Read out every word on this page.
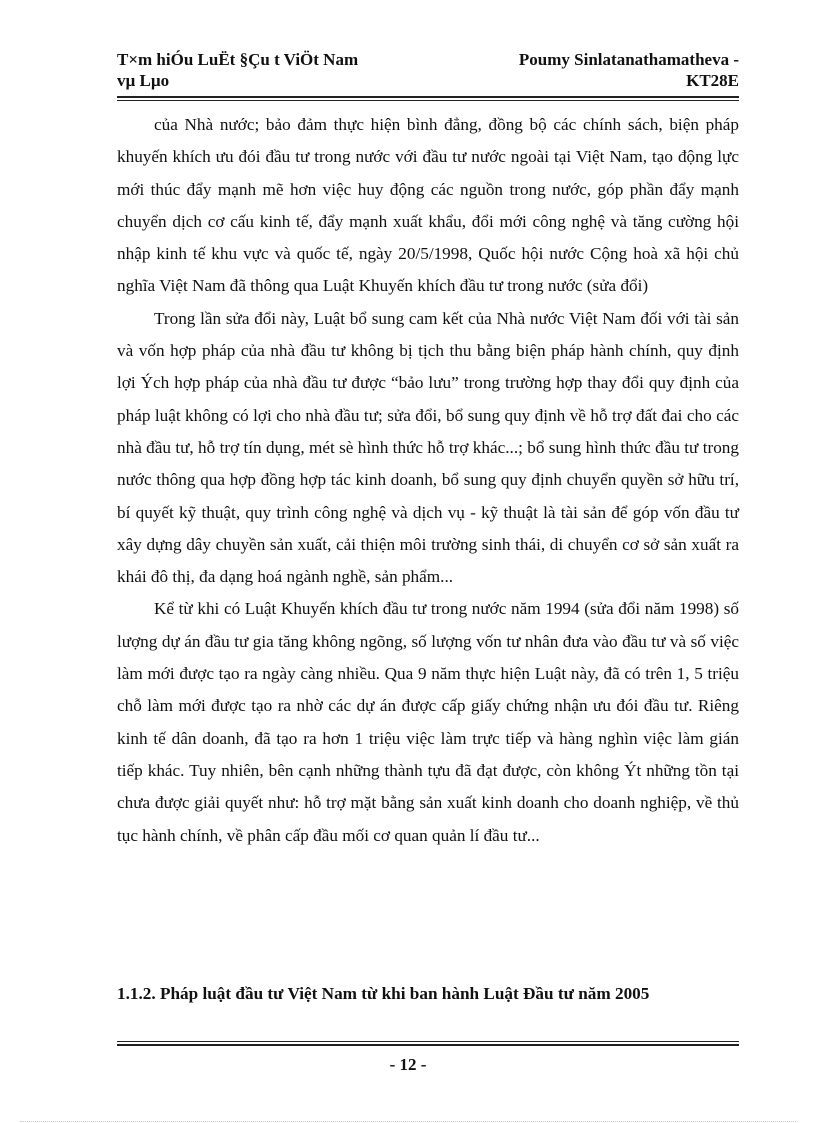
T×m hiÓu LuËt §Çu t ViÖt Nam
vµ Lµo
Poumy Sinlatanathamatheva -
KT28E

của Nhà nước; bảo đảm thực hiện bình đẳng, đồng bộ các chính sách, biện pháp khuyến khích ưu đói đầu tư trong nước với đầu tư nước ngoài tại Việt Nam, tạo động lực mới thúc đẩy mạnh mẽ hơn việc huy động các nguồn trong nước, góp phần đẩy mạnh chuyển dịch cơ cấu kinh tế, đẩy mạnh xuất khẩu, đổi mới công nghệ và tăng cường hội nhập kinh tế khu vực và quốc tế, ngày 20/5/1998, Quốc hội nước Cộng hoà xã hội chủ nghĩa Việt Nam đã thông qua Luật Khuyến khích đầu tư trong nước (sửa đổi)

Trong lần sửa đổi này, Luật bổ sung cam kết của Nhà nước Việt Nam đối với tài sản và vốn hợp pháp của nhà đầu tư không bị tịch thu bằng biện pháp hành chính, quy định lợi Ých hợp pháp của nhà đầu tư được “bảo lưu” trong trường hợp thay đổi quy định của pháp luật không có lợi cho nhà đầu tư; sửa đổi, bổ sung quy định về hỗ trợ đất đai cho các nhà đầu tư, hỗ trợ tín dụng, mét sè hình thức hỗ trợ khác...; bổ sung hình thức đầu tư trong nước thông qua hợp đồng hợp tác kinh doanh, bổ sung quy định chuyển quyền sở hữu trí, bí quyết kỹ thuật, quy trình công nghệ và dịch vụ - kỹ thuật là tài sản để góp vốn đầu tư xây dựng dây chuyền sản xuất, cải thiện môi trường sinh thái, di chuyển cơ sở sản xuất ra khái đô thị, đa dạng hoá ngành nghề, sản phẩm...

Kể từ khi có Luật Khuyến khích đầu tư trong nước năm 1994 (sửa đổi năm 1998) số lượng dự án đầu tư gia tăng không ngõng, số lượng vốn tư nhân đưa vào đầu tư và số việc làm mới được tạo ra ngày càng nhiều. Qua 9 năm thực hiện Luật này, đã có trên 1, 5 triệu chỗ làm mới được tạo ra nhờ các dự án được cấp giấy chứng nhận ưu đói đầu tư. Riêng kinh tế dân doanh, đã tạo ra hơn 1 triệu việc làm trực tiếp và hàng nghìn việc làm gián tiếp khác. Tuy nhiên, bên cạnh những thành tựu đã đạt được, còn không Ýt những tồn tại chưa được giải quyết như: hỗ trợ mặt bằng sản xuất kinh doanh cho doanh nghiệp, về thủ tục hành chính, về phân cấp đầu mối cơ quan quản lí đầu tư...

1.1.2. Pháp luật đầu tư Việt Nam từ khi ban hành Luật Đầu tư năm 2005
- 12 -
